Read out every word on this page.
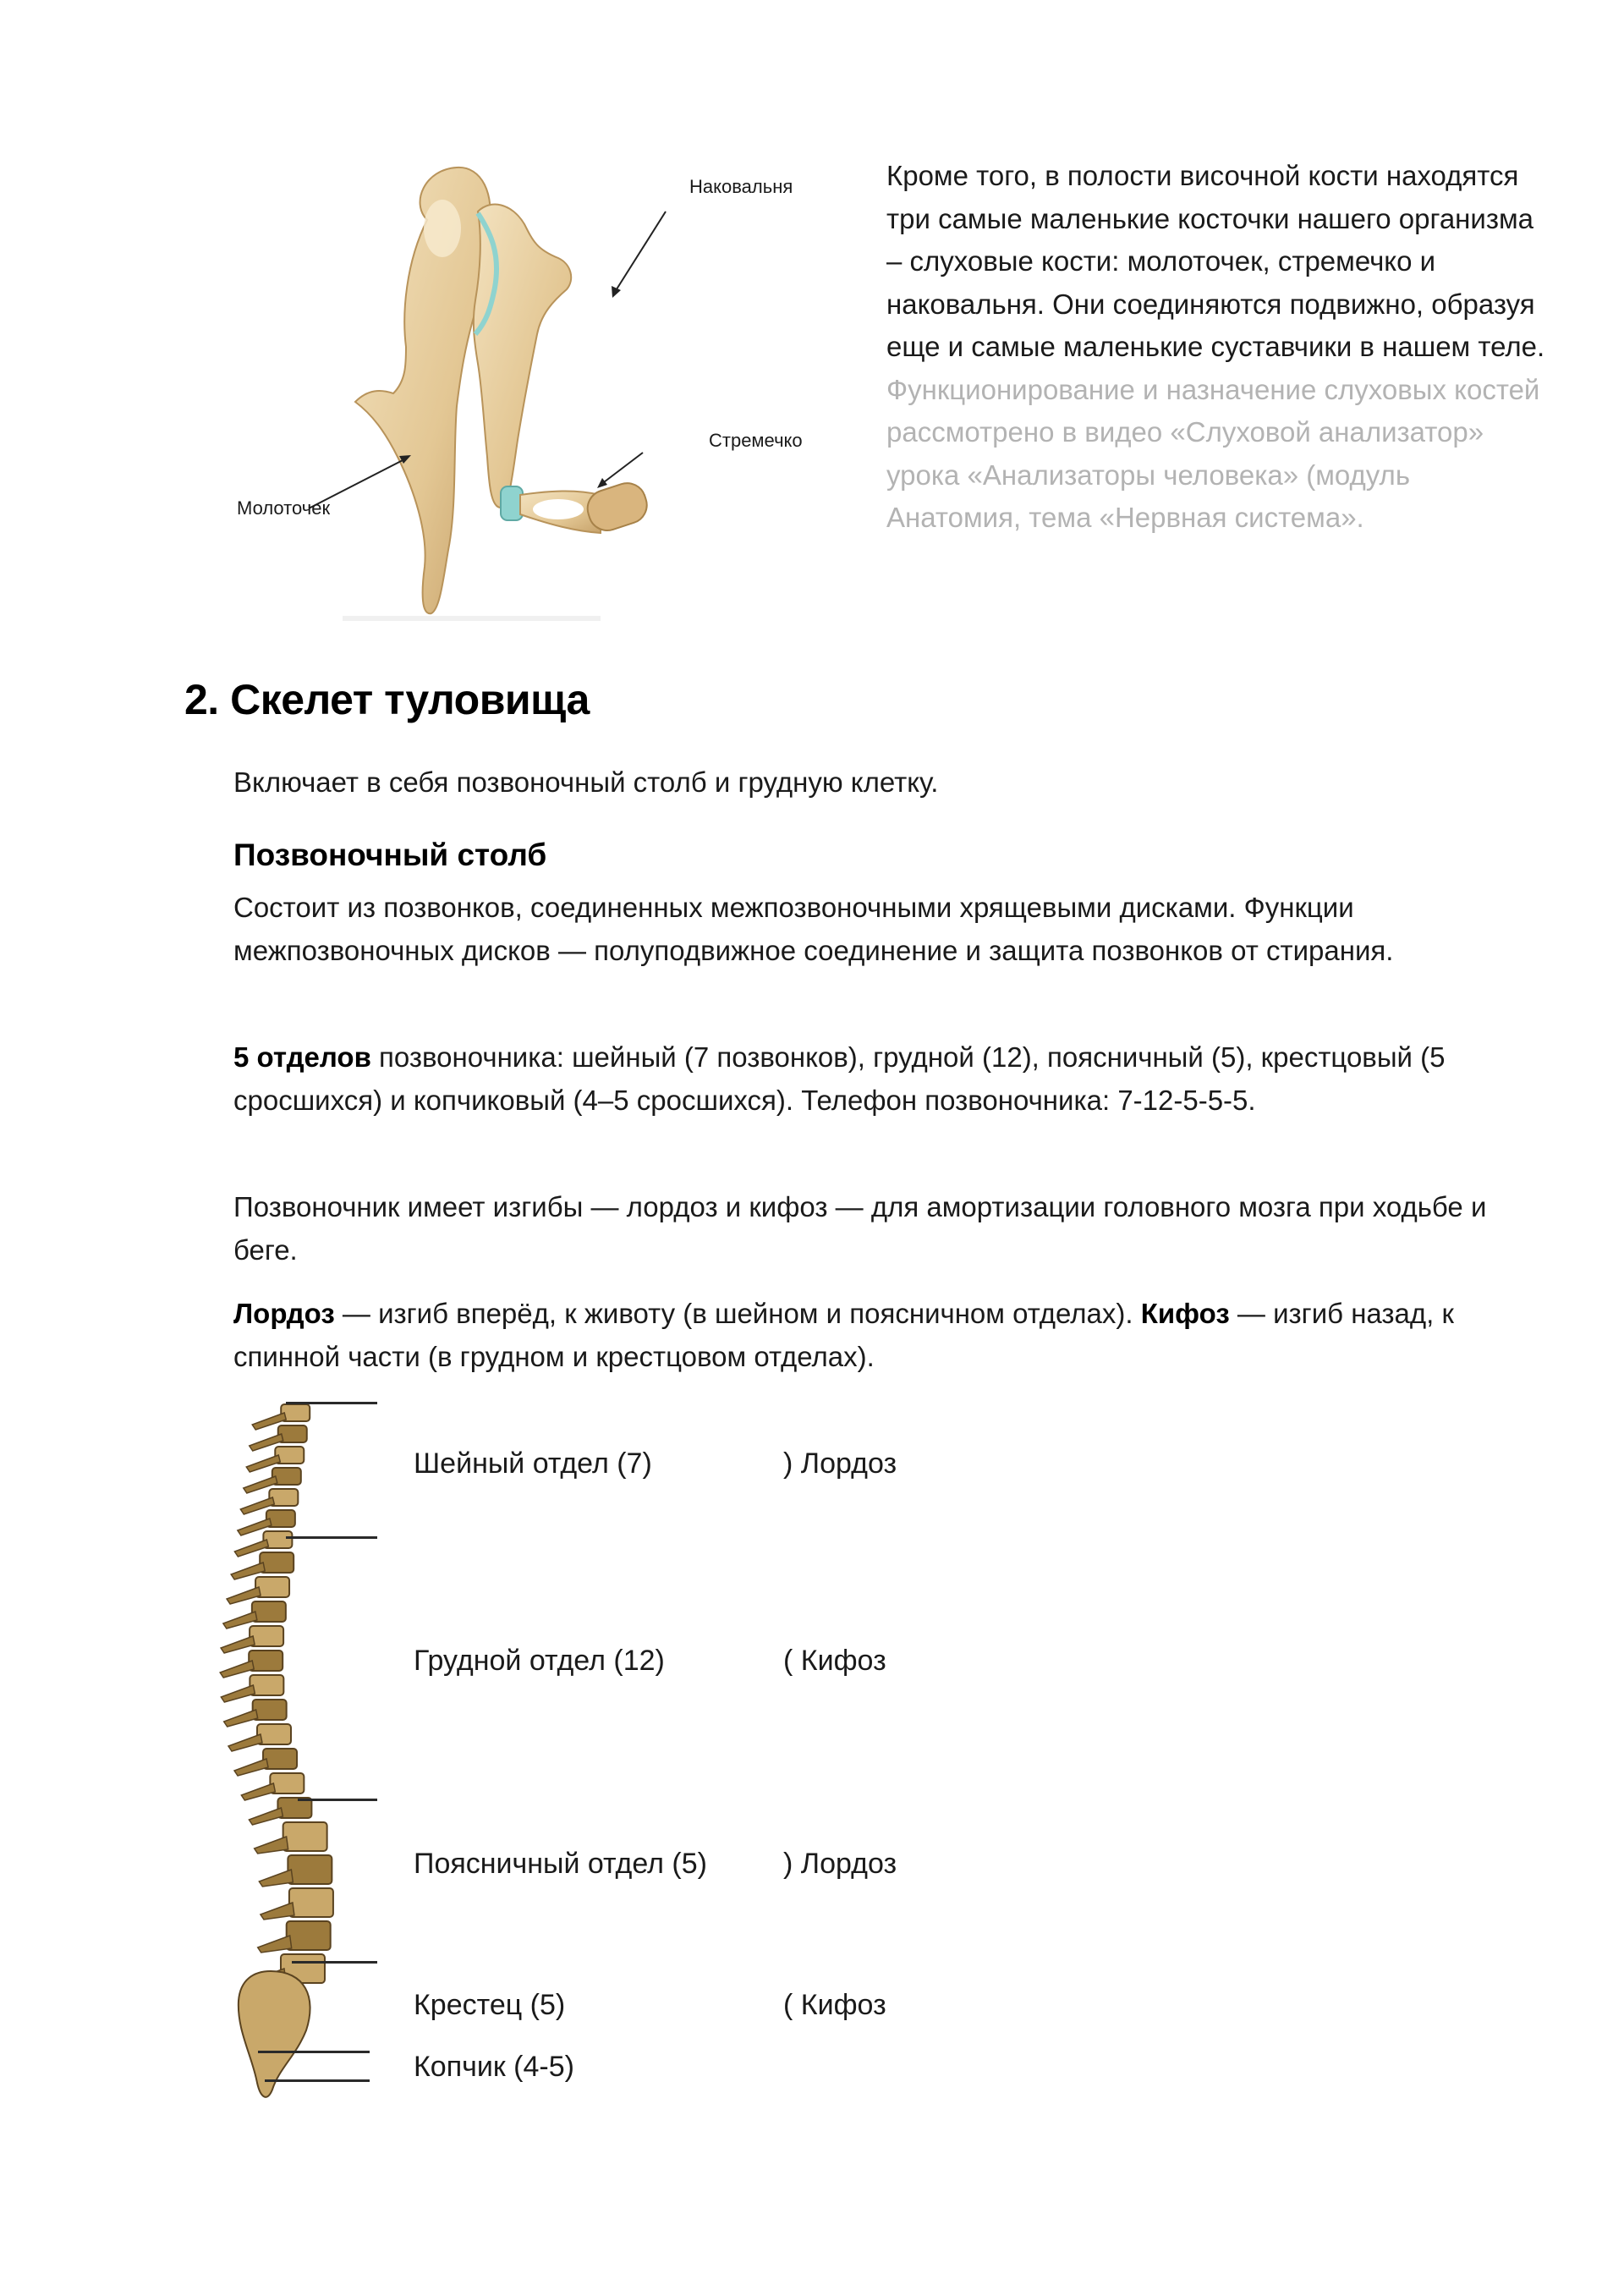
Наковальня
Стремечко
Молоточек

Кроме того, в полости височной кости находятся три самые маленькие косточки нашего организма – слуховые кости: молоточек, стремечко и наковальня. Они соединяются подвижно, образуя еще и самые маленькие суставчики в нашем теле. Функционирование и назначение слуховых костей рассмотрено в видео «Слуховой анализатор» урока «Анализаторы человека» (модуль Анатомия, тема «Нервная система».

2. Скелет туловища

Включает в себя позвоночный столб и грудную клетку.

Позвоночный столб

Состоит из позвонков, соединенных межпозвоночными хрящевыми дисками. Функции межпозвоночных дисков — полуподвижное соединение и защита позвонков от стирания.

5 отделов позвоночника: шейный (7 позвонков), грудной (12), поясничный (5), крестцовый (5 сросшихся) и копчиковый (4–5 сросшихся). Телефон позвоночника: 7-12-5-5-5.

Позвоночник имеет изгибы — лордоз и кифоз — для амортизации головного мозга при ходьбе и беге.

Лордоз — изгиб вперёд, к животу (в шейном и поясничном отделах). Кифоз — изгиб назад, к спинной части (в грудном и крестцовом отделах).

Шейный отдел (7)	) Лордоз
Грудной отдел (12)	( Кифоз
Поясничный отдел (5)	) Лордоз
Крестец (5)	( Кифоз
Копчик (4-5)
